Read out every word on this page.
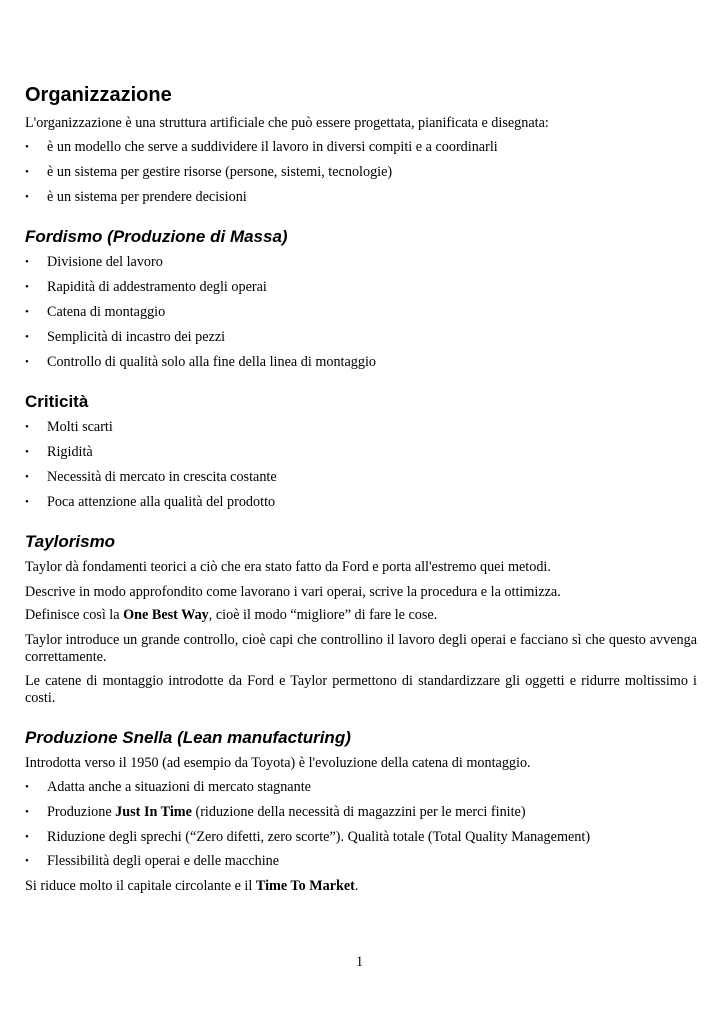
Organizzazione
L'organizzazione è una struttura artificiale che può essere progettata, pianificata e disegnata:
• è un modello che serve a suddividere il lavoro in diversi compiti e a coordinarli
• è un sistema per gestire risorse (persone, sistemi, tecnologie)
• è un sistema per prendere decisioni
Fordismo (Produzione di Massa)
• Divisione del lavoro
• Rapidità di addestramento degli operai
• Catena di montaggio
• Semplicità di incastro dei pezzi
• Controllo di qualità solo alla fine della linea di montaggio
Criticità
• Molti scarti
• Rigidità
• Necessità di mercato in crescita costante
• Poca attenzione alla qualità del prodotto
Taylorismo
Taylor dà fondamenti teorici a ciò che era stato fatto da Ford e porta all'estremo quei metodi.
Descrive in modo approfondito come lavorano i vari operai, scrive la procedura e la ottimizza.
Definisce così la One Best Way, cioè il modo “migliore” di fare le cose.
Taylor introduce un grande controllo, cioè capi che controllino il lavoro degli operai e facciano sì che questo avvenga correttamente.
Le catene di montaggio introdotte da Ford e Taylor permettono di standardizzare gli oggetti e ridurre moltissimo i costi.
Produzione Snella (Lean manufacturing)
Introdotta verso il 1950 (ad esempio da Toyota) è l'evoluzione della catena di montaggio.
• Adatta anche a situazioni di mercato stagnante
• Produzione Just In Time (riduzione della necessità di magazzini per le merci finite)
• Riduzione degli sprechi (“Zero difetti, zero scorte”). Qualità totale (Total Quality Management)
• Flessibilità degli operai e delle macchine
Si riduce molto il capitale circolante e il Time To Market.
1
